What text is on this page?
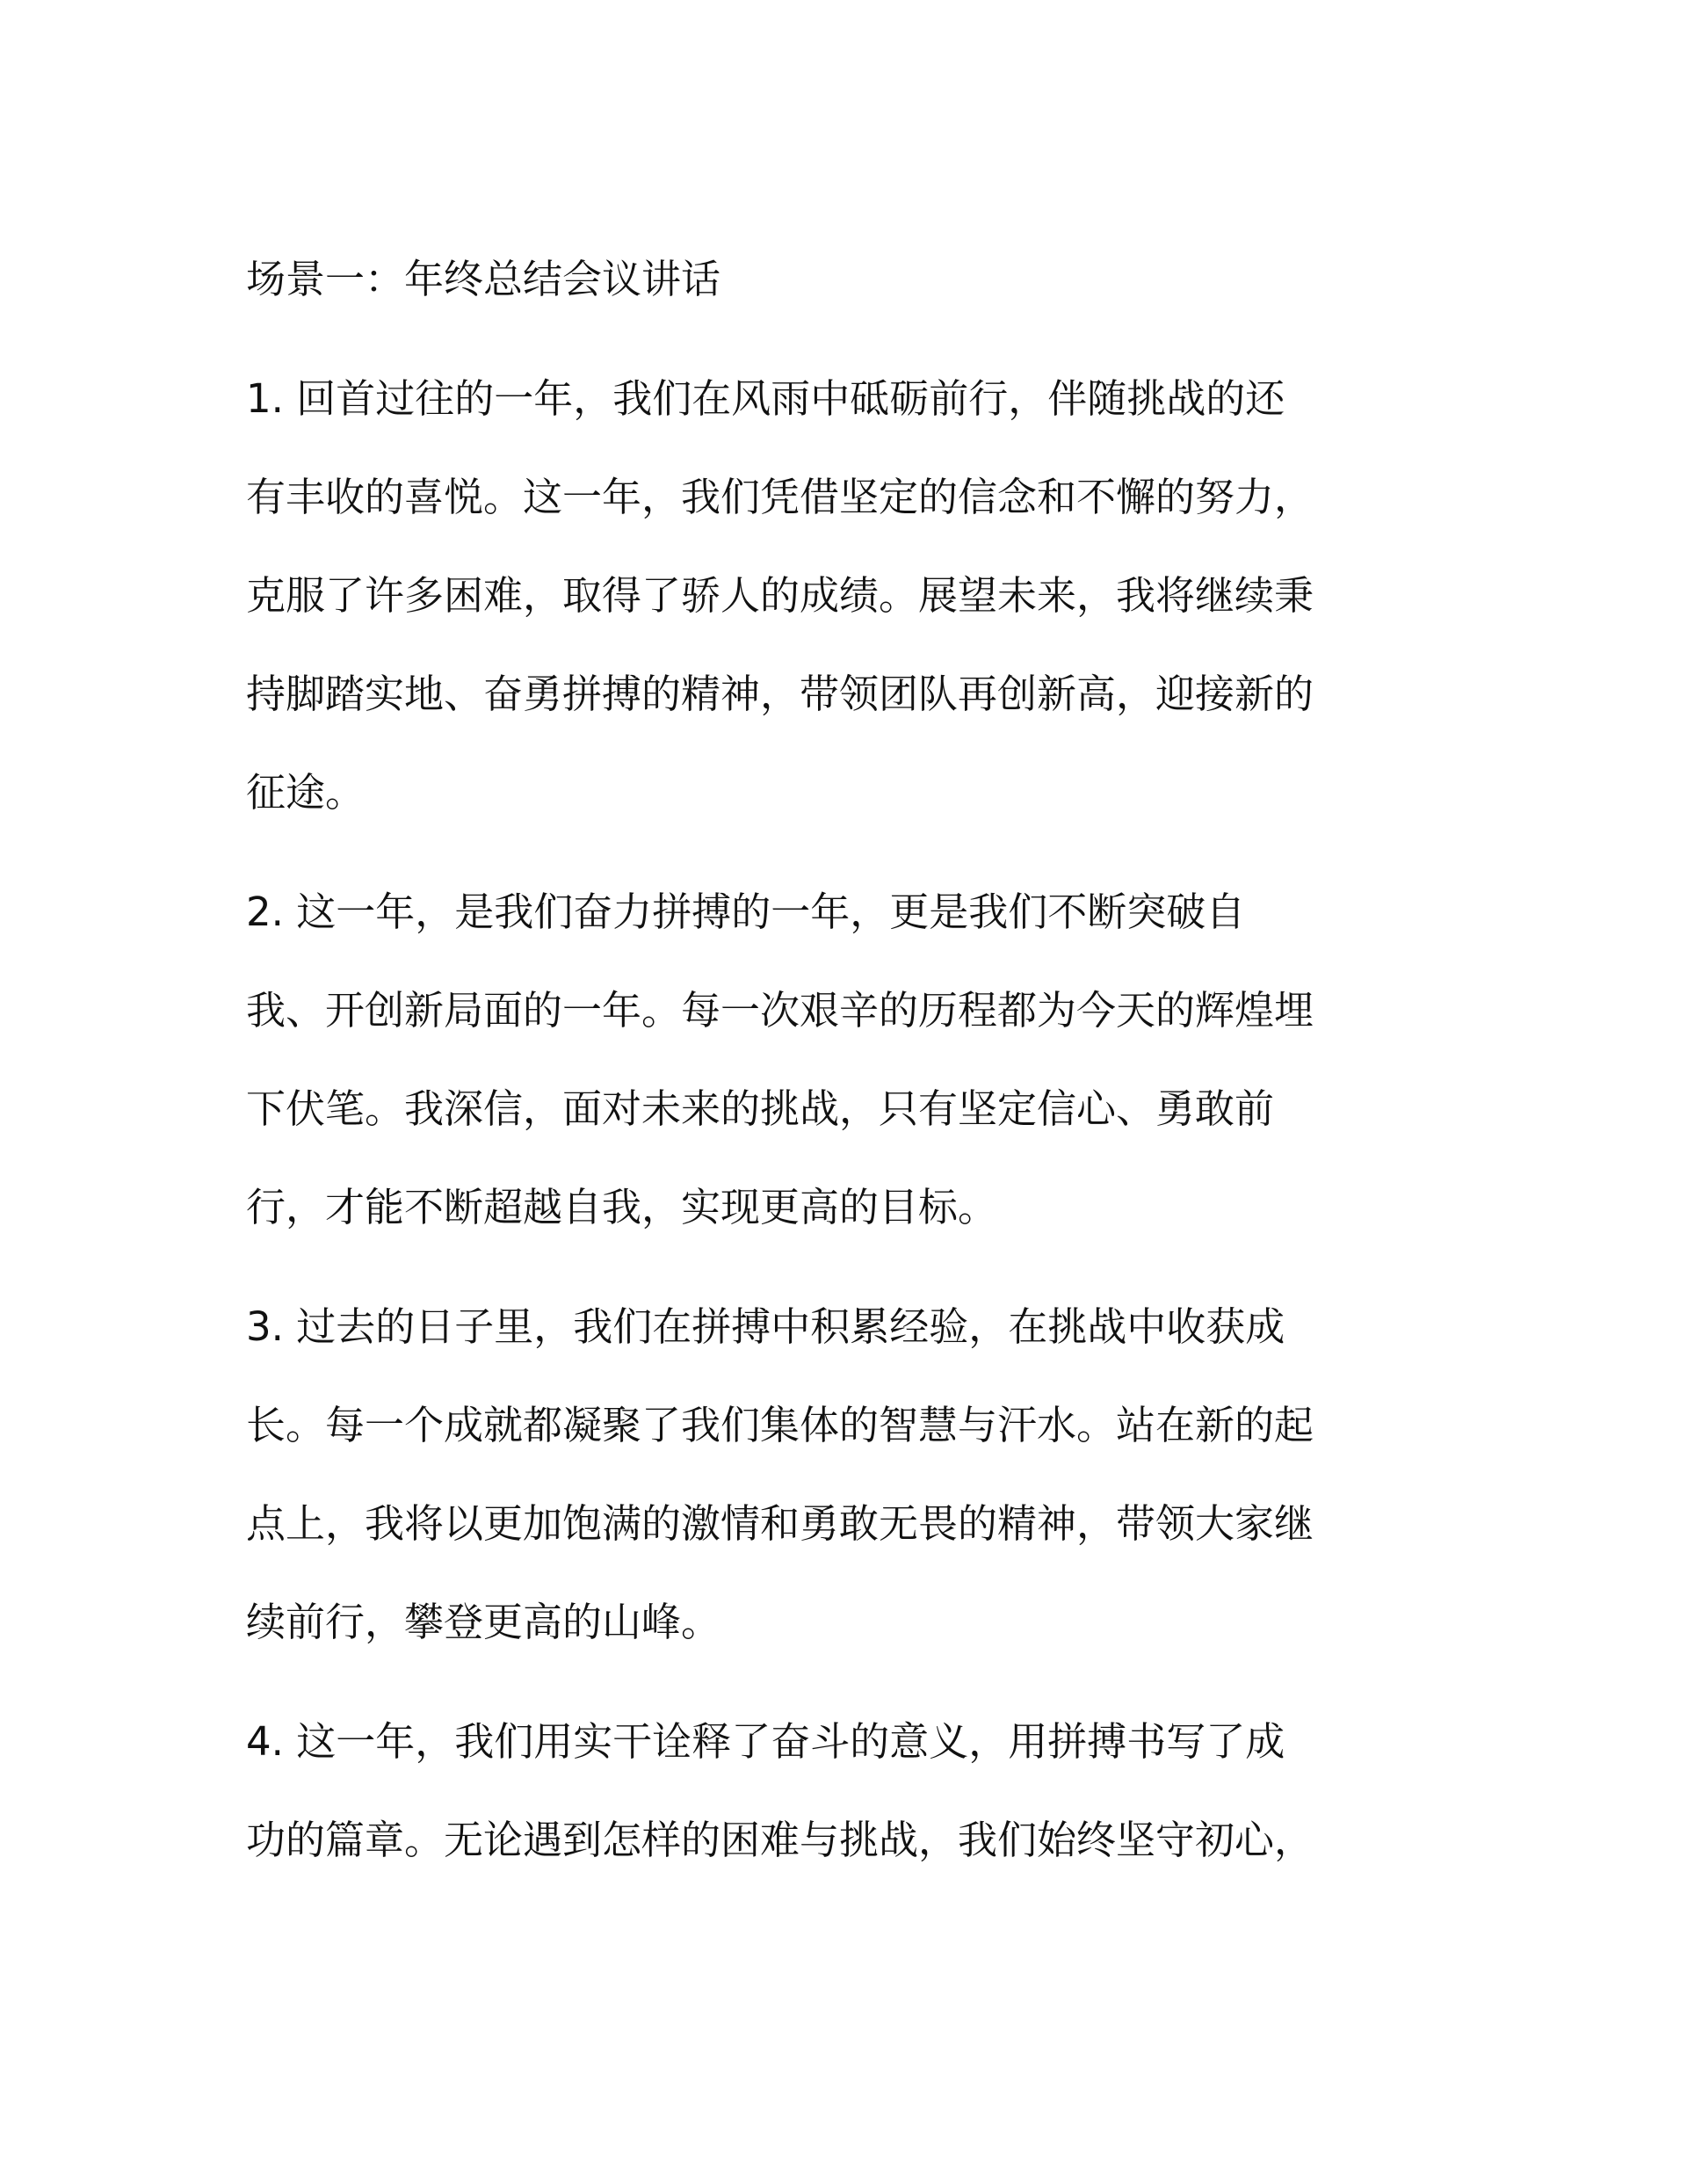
场景一：年终总结会议讲话
1. 回首过往的一年，我们在风雨中砥砺前行，伴随挑战的还
有丰收的喜悦。这一年，我们凭借坚定的信念和不懈的努力，
克服了许多困难，取得了骄人的成绩。展望未来，我将继续秉
持脚踏实地、奋勇拼搏的精神，带领团队再创新高，迎接新的
征途。
2. 这一年，是我们奋力拼搏的一年，更是我们不断突破自
我、开创新局面的一年。每一次艰辛的历程都为今天的辉煌埋
下伏笔。我深信，面对未来的挑战，只有坚定信心、勇敢前
行，才能不断超越自我，实现更高的目标。
3. 过去的日子里，我们在拼搏中积累经验，在挑战中收获成
长。每一个成就都凝聚了我们集体的智慧与汗水。站在新的起
点上，我将以更加饱满的激情和勇敢无畏的精神，带领大家继
续前行，攀登更高的山峰。
4. 这一年，我们用实干诠释了奋斗的意义，用拼搏书写了成
功的篇章。无论遇到怎样的困难与挑战，我们始终坚守初心，
